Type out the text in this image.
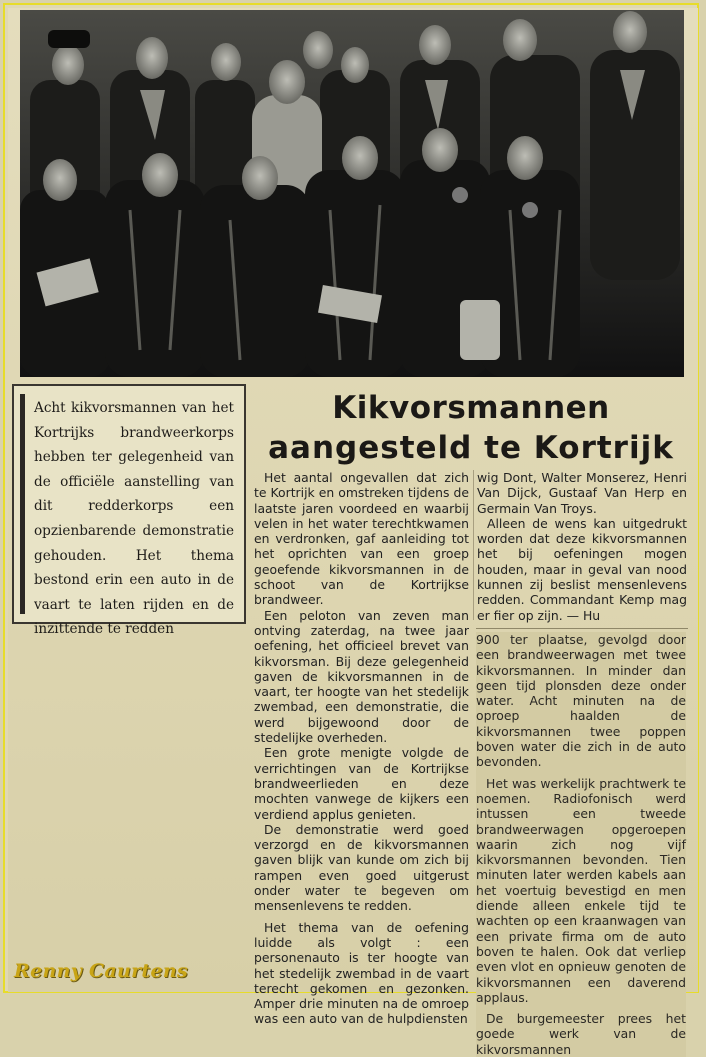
Acht kikvorsmannen van het Kortrijks brandweerkorps hebben ter gelegenheid van de officiële aanstelling van dit redderkorps een opzienbarende demonstratie gehouden. Het thema bestond erin een auto in de vaart te laten rijden en de inzittende te redden

Kikvorsmannen
aangesteld te Kortrijk

Het aantal ongevallen dat zich te Kortrijk en omstreken tijdens de laatste jaren voordeed en waarbij velen in het water terechtkwamen en verdronken, gaf aanleiding tot het oprichten van een groep geoefende kikvorsmannen in de schoot van de Kortrijkse brandweer.

Een peloton van zeven man ontving zaterdag, na twee jaar oefening, het officieel brevet van kikvorsman. Bij deze gelegenheid gaven de kikvorsmannen in de vaart, ter hoogte van het stedelijk zwembad, een demonstratie, die werd bijgewoond door de stedelijke overheden.

Een grote menigte volgde de verrichtingen van de Kortrijkse brandweerlieden en deze mochten vanwege de kijkers een verdiend applus genieten.

De demonstratie werd goed verzorgd en de kikvorsmannen gaven blijk van kunde om zich bij rampen even goed uitgerust onder water te begeven om mensenlevens te redden.

Het thema van de oefening luidde als volgt : een personenauto is ter hoogte van het stedelijk zwembad in de vaart terecht gekomen en gezonken. Amper drie minuten na de omroep was een auto van de hulpdiensten

wig Dont, Walter Monserez, Henri Van Dijck, Gustaaf Van Herp en Germain Van Troys.

Alleen de wens kan uitgedrukt worden dat deze kikvorsmannen het bij oefeningen mogen houden, maar in geval van nood kunnen zij beslist mensenlevens redden. Commandant Kemp mag er fier op zijn. — Hu

900 ter plaatse, gevolgd door een brandweerwagen met twee kikvorsmannen. In minder dan geen tijd plonsden deze onder water. Acht minuten na de oproep haalden de kikvorsmannen twee poppen boven water die zich in de auto bevonden.

Het was werkelijk prachtwerk te noemen. Radiofonisch werd intussen een tweede brandweerwagen opgeroepen waarin zich nog vijf kikvorsmannen bevonden. Tien minuten later werden kabels aan het voertuig bevestigd en men diende alleen enkele tijd te wachten op een kraanwagen van een private firma om de auto boven te halen. Ook dat verliep even vlot en opnieuw genoten de kikvorsmannen een daverend applaus.

De burgemeester prees het goede werk van de kikvorsmannen

Renny Caurtens
